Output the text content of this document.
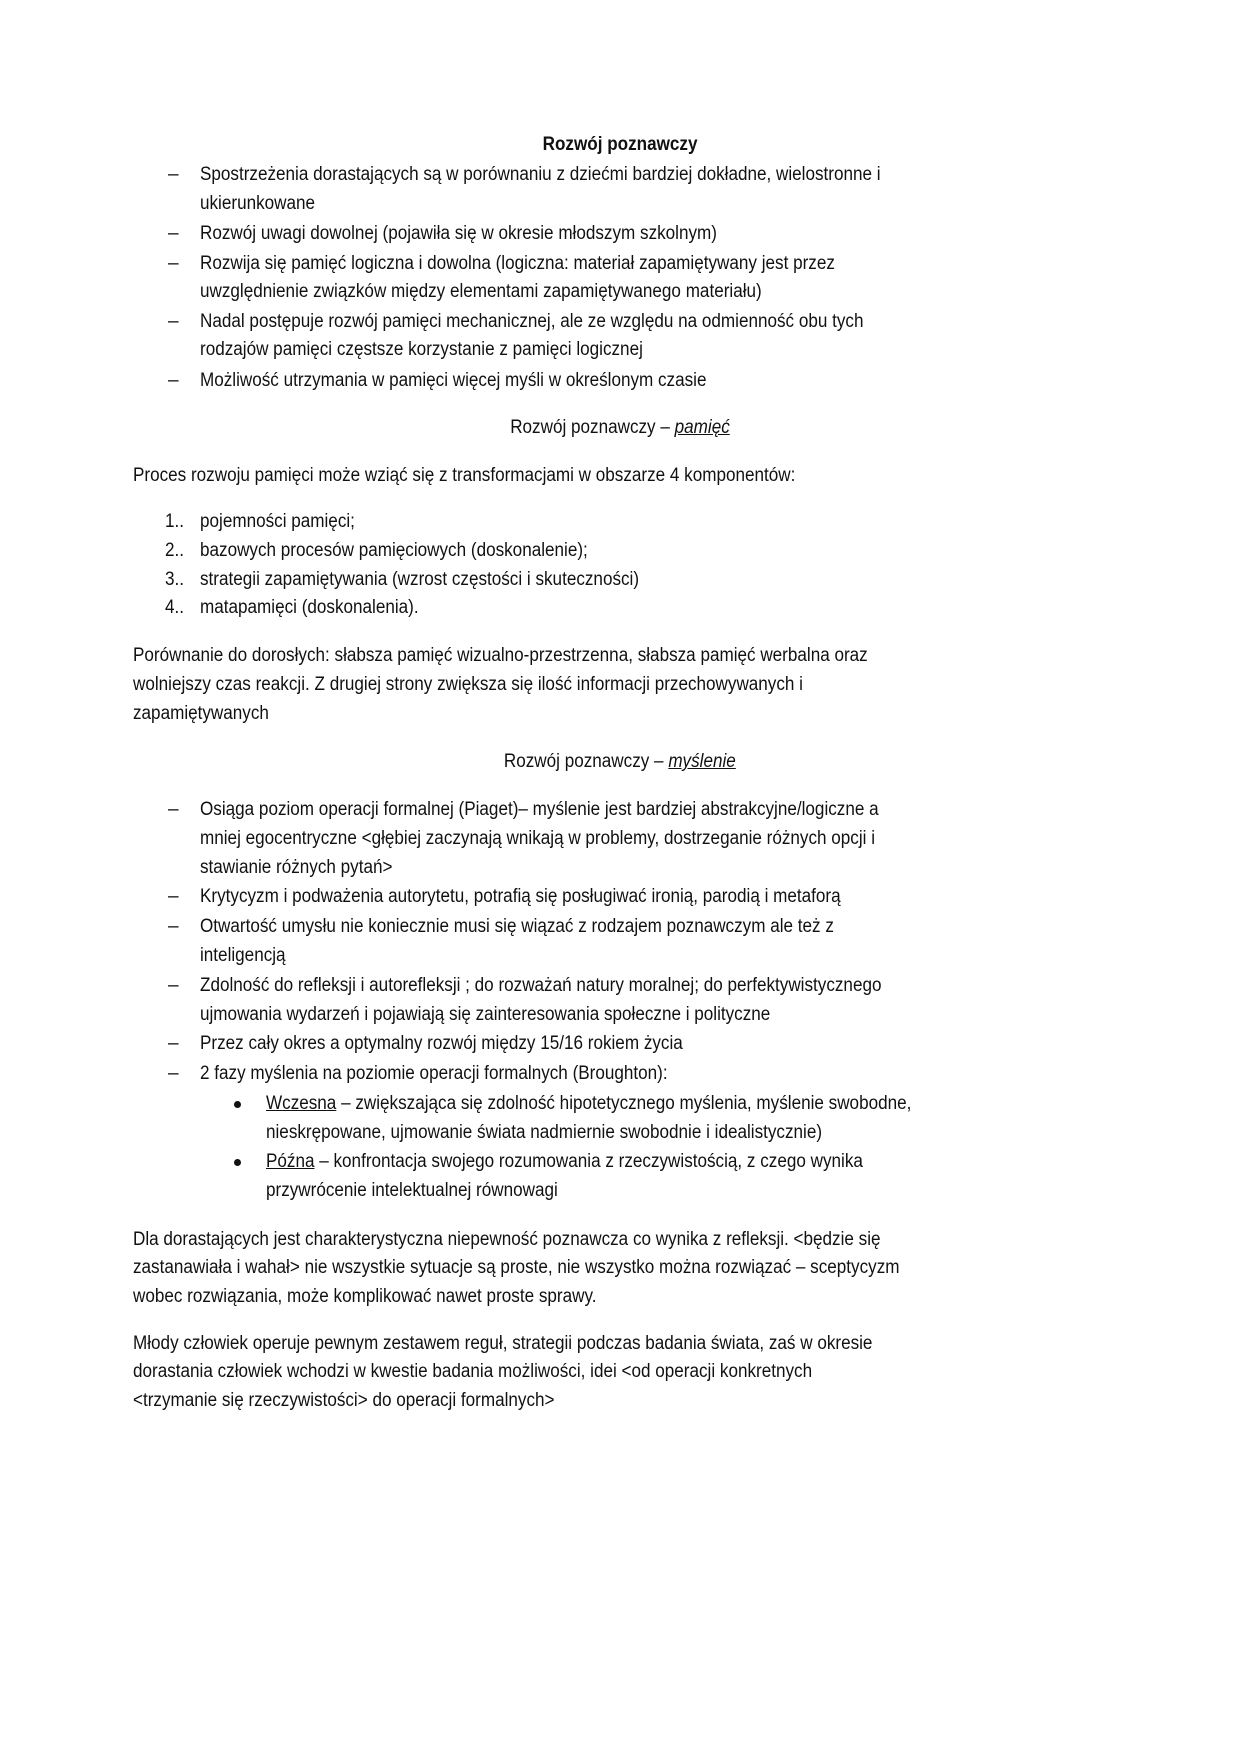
Rozwój poznawczy
– Spostrzeżenia dorastających są w porównaniu z dziećmi bardziej dokładne, wielostronne i
ukierunkowane
– Rozwój uwagi dowolnej (pojawiła się w okresie młodszym szkolnym)
– Rozwija się pamięć logiczna i dowolna (logiczna: materiał zapamiętywany jest przez
uwzględnienie związków między elementami zapamiętywanego materiału)
– Nadal postępuje rozwój pamięci mechanicznej, ale ze względu na odmienność obu tych
rodzajów pamięci częstsze korzystanie z pamięci logicznej
– Możliwość utrzymania w pamięci więcej myśli w określonym czasie
Rozwój poznawczy – pamięć
Proces rozwoju pamięci może wziąć się z transformacjami w obszarze 4 komponentów:
1.. pojemności pamięci;
2.. bazowych procesów pamięciowych (doskonalenie);
3.. strategii zapamiętywania (wzrost częstości i skuteczności)
4.. matapamięci (doskonalenia).
Porównanie do dorosłych: słabsza pamięć wizualno-przestrzenna, słabsza pamięć werbalna oraz
wolniejszy czas reakcji. Z drugiej strony zwiększa się ilość informacji przechowywanych i
zapamiętywanych
Rozwój poznawczy – myślenie
– Osiąga poziom operacji formalnej (Piaget)– myślenie jest bardziej abstrakcyjne/logiczne a
mniej egocentryczne <głębiej zaczynają wnikają w problemy, dostrzeganie różnych opcji i
stawianie różnych pytań>
– Krytycyzm i podważenia autorytetu, potrafią się posługiwać ironią, parodią i metaforą
– Otwartość umysłu nie koniecznie musi się wiązać z rodzajem poznawczym ale też z
inteligencją
– Zdolność do refleksji i autorefleksji ; do rozważań natury moralnej; do perfektywistycznego
ujmowania wydarzeń i pojawiają się zainteresowania społeczne i polityczne
– Przez cały okres a optymalny rozwój między 15/16 rokiem życia
– 2 fazy myślenia na poziomie operacji formalnych (Broughton):
Wczesna – zwiększająca się zdolność hipotetycznego myślenia, myślenie swobodne,
nieskrępowane, ujmowanie świata nadmiernie swobodnie i idealistycznie)
Późna – konfrontacja swojego rozumowania z rzeczywistością, z czego wynika
przywrócenie intelektualnej równowagi
Dla dorastających jest charakterystyczna niepewność poznawcza co wynika z refleksji. <będzie się
zastanawiała i wahał> nie wszystkie sytuacje są proste, nie wszystko można rozwiązać – sceptycyzm
wobec rozwiązania, może komplikować nawet proste sprawy.
Młody człowiek operuje pewnym zestawem reguł, strategii podczas badania świata, zaś w okresie
dorastania człowiek wchodzi w kwestie badania możliwości, idei <od operacji konkretnych
<trzymanie się rzeczywistości> do operacji formalnych>
